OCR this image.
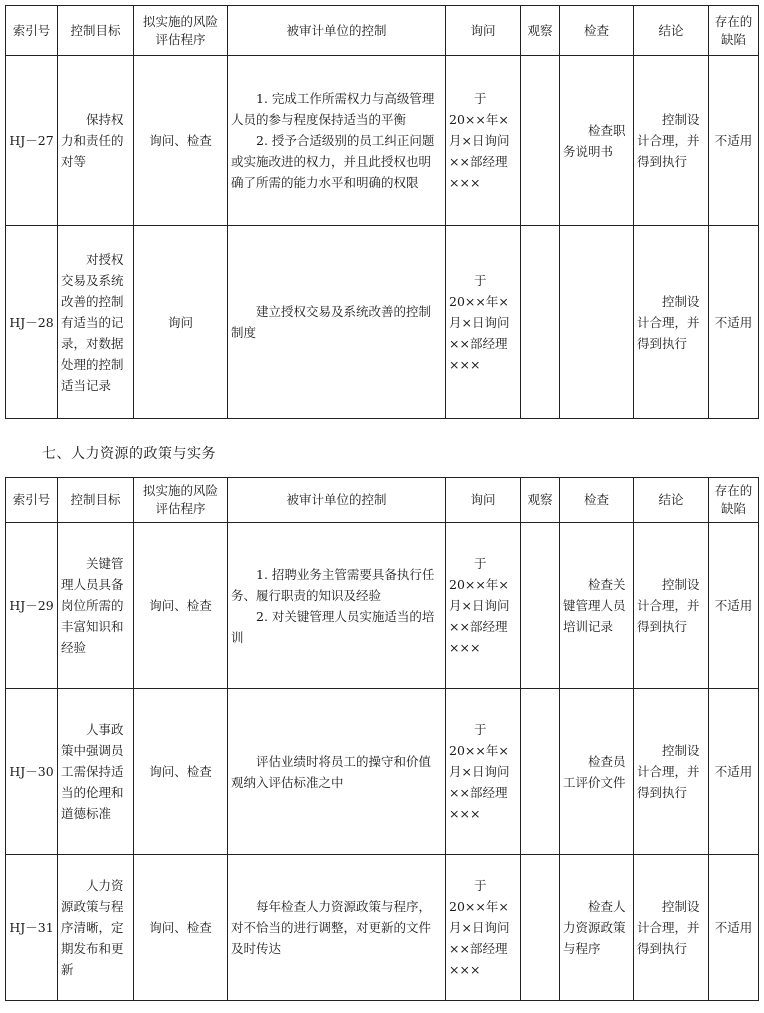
索引号	控制目标	拟实施的风险评估程序	被审计单位的控制	询问	观察	检查	结论	存在的缺陷
HJ－27	保持权力和责任的对等	询问、检查	1. 完成工作所需权力与高级管理人员的参与程度保持适当的平衡
2. 授予合适级别的员工纠正问题或实施改进的权力，并且此授权也明确了所需的能力水平和明确的权限	于20××年×月×日询问××部经理×××		检查职务说明书	控制设计合理，并得到执行	不适用
HJ－28	对授权交易及系统改善的控制有适当的记录，对数据处理的控制适当记录	询问	建立授权交易及系统改善的控制制度	于20××年×月×日询问××部经理×××			控制设计合理，并得到执行	不适用
七、人力资源的政策与实务
索引号	控制目标	拟实施的风险评估程序	被审计单位的控制	询问	观察	检查	结论	存在的缺陷
HJ－29	关键管理人员具备岗位所需的丰富知识和经验	询问、检查	1. 招聘业务主管需要具备执行任务、履行职责的知识及经验
2. 对关键管理人员实施适当的培训	于20××年×月×日询问××部经理×××		检查关键管理人员培训记录	控制设计合理，并得到执行	不适用
HJ－30	人事政策中强调员工需保持适当的伦理和道德标准	询问、检查	评估业绩时将员工的操守和价值观纳入评估标准之中	于20××年×月×日询问××部经理×××		检查员工评价文件	控制设计合理，并得到执行	不适用
HJ－31	人力资源政策与程序清晰，定期发布和更新	询问、检查	每年检查人力资源政策与程序，对不恰当的进行调整，对更新的文件及时传达	于20××年×月×日询问××部经理×××		检查人力资源政策与程序	控制设计合理，并得到执行	不适用
